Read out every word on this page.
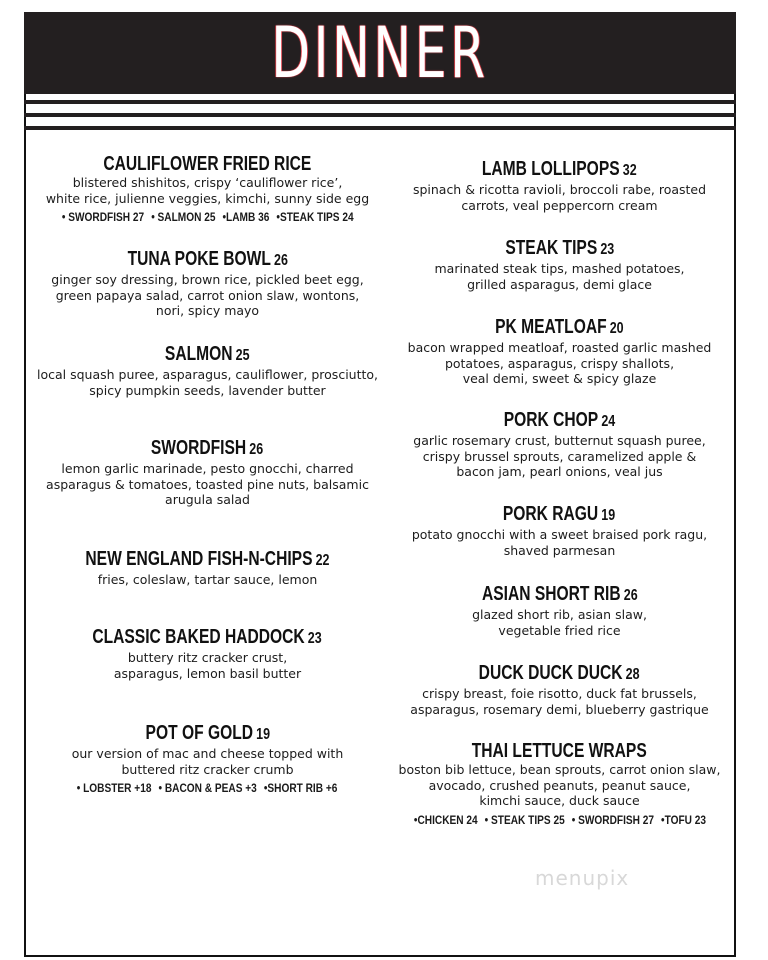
DINNER
CAULIFLOWER FRIED RICE
blistered shishitos, crispy ‘cauliflower rice’,
white rice, julienne veggies, kimchi, sunny side egg
• SWORDFISH 27 • SALMON 25 •LAMB 36 •STEAK TIPS 24
TUNA POKE BOWL 26
ginger soy dressing, brown rice, pickled beet egg,
green papaya salad, carrot onion slaw, wontons,
nori, spicy mayo
SALMON 25
local squash puree, asparagus, cauliflower, prosciutto,
spicy pumpkin seeds, lavender butter
SWORDFISH 26
lemon garlic marinade, pesto gnocchi, charred
asparagus & tomatoes, toasted pine nuts, balsamic
arugula salad
NEW ENGLAND FISH-N-CHIPS 22
fries, coleslaw, tartar sauce, lemon
CLASSIC BAKED HADDOCK 23
buttery ritz cracker crust,
asparagus, lemon basil butter
POT OF GOLD 19
our version of mac and cheese topped with
buttered ritz cracker crumb
• LOBSTER +18 • BACON & PEAS +3 •SHORT RIB +6
LAMB LOLLIPOPS 32
spinach & ricotta ravioli, broccoli rabe, roasted
carrots, veal peppercorn cream
STEAK TIPS 23
marinated steak tips, mashed potatoes,
grilled asparagus, demi glace
PK MEATLOAF 20
bacon wrapped meatloaf, roasted garlic mashed
potatoes, asparagus, crispy shallots,
veal demi, sweet & spicy glaze
PORK CHOP 24
garlic rosemary crust, butternut squash puree,
crispy brussel sprouts, caramelized apple &
bacon jam, pearl onions, veal jus
PORK RAGU 19
potato gnocchi with a sweet braised pork ragu,
shaved parmesan
ASIAN SHORT RIB 26
glazed short rib, asian slaw,
vegetable fried rice
DUCK DUCK DUCK 28
crispy breast, foie risotto, duck fat brussels,
asparagus, rosemary demi, blueberry gastrique
THAI LETTUCE WRAPS
boston bib lettuce, bean sprouts, carrot onion slaw,
avocado, crushed peanuts, peanut sauce,
kimchi sauce, duck sauce
•CHICKEN 24 • STEAK TIPS 25 • SWORDFISH 27 •TOFU 23
menupix
